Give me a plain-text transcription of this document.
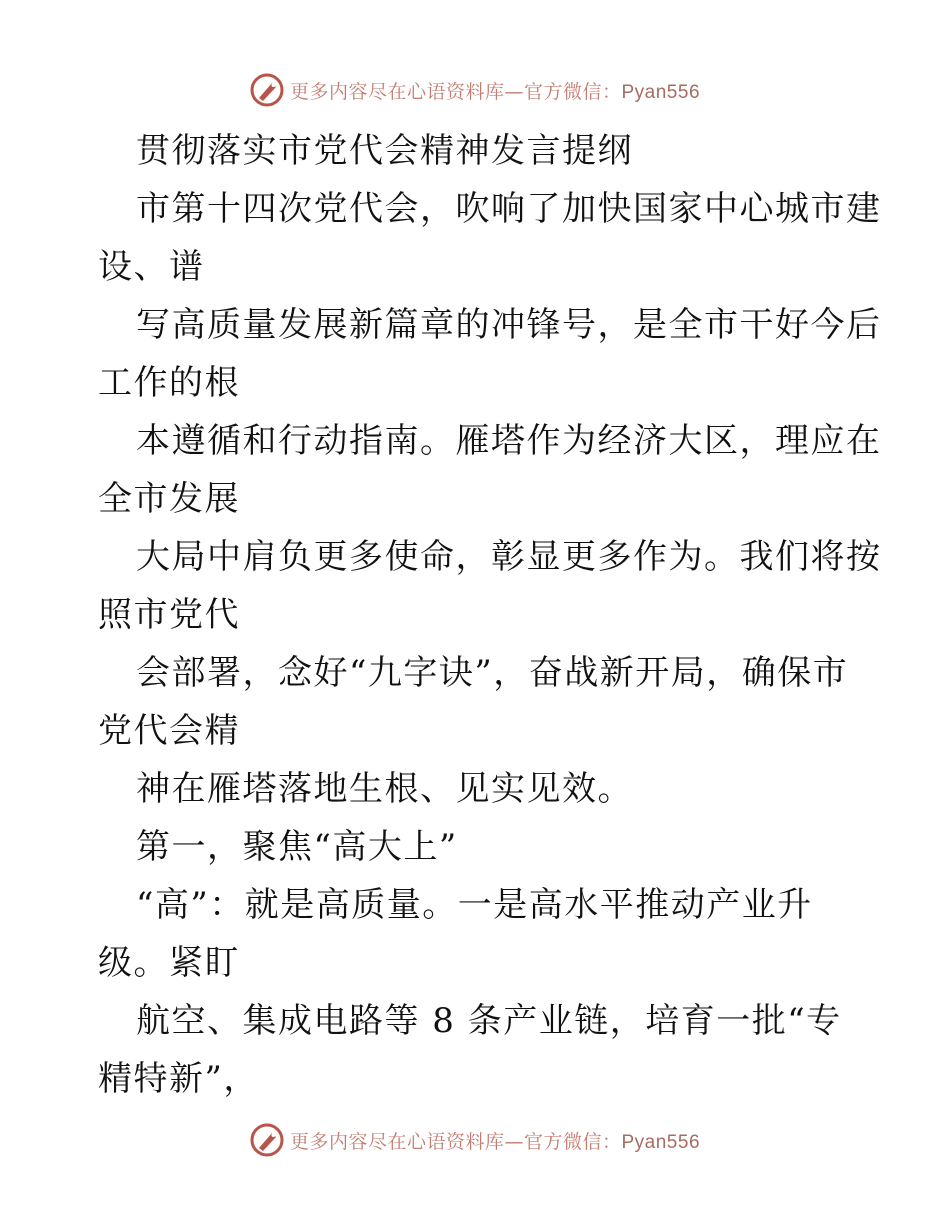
更多内容尽在心语资料库—官方微信：Pyan556
贯彻落实市党代会精神发言提纲
市第十四次党代会，吹响了加快国家中心城市建
设、谱
写高质量发展新篇章的冲锋号，是全市干好今后
工作的根
本遵循和行动指南。雁塔作为经济大区，理应在
全市发展
大局中肩负更多使命，彰显更多作为。我们将按
照市党代
会部署，念好“九字诀”，奋战新开局，确保市
党代会精
神在雁塔落地生根、见实见效。
第一，聚焦“高大上”
“高”：就是高质量。一是高水平推动产业升
级。紧盯
航空、集成电路等 8 条产业链，培育一批“专
精特新”，
更多内容尽在心语资料库—官方微信：Pyan556
